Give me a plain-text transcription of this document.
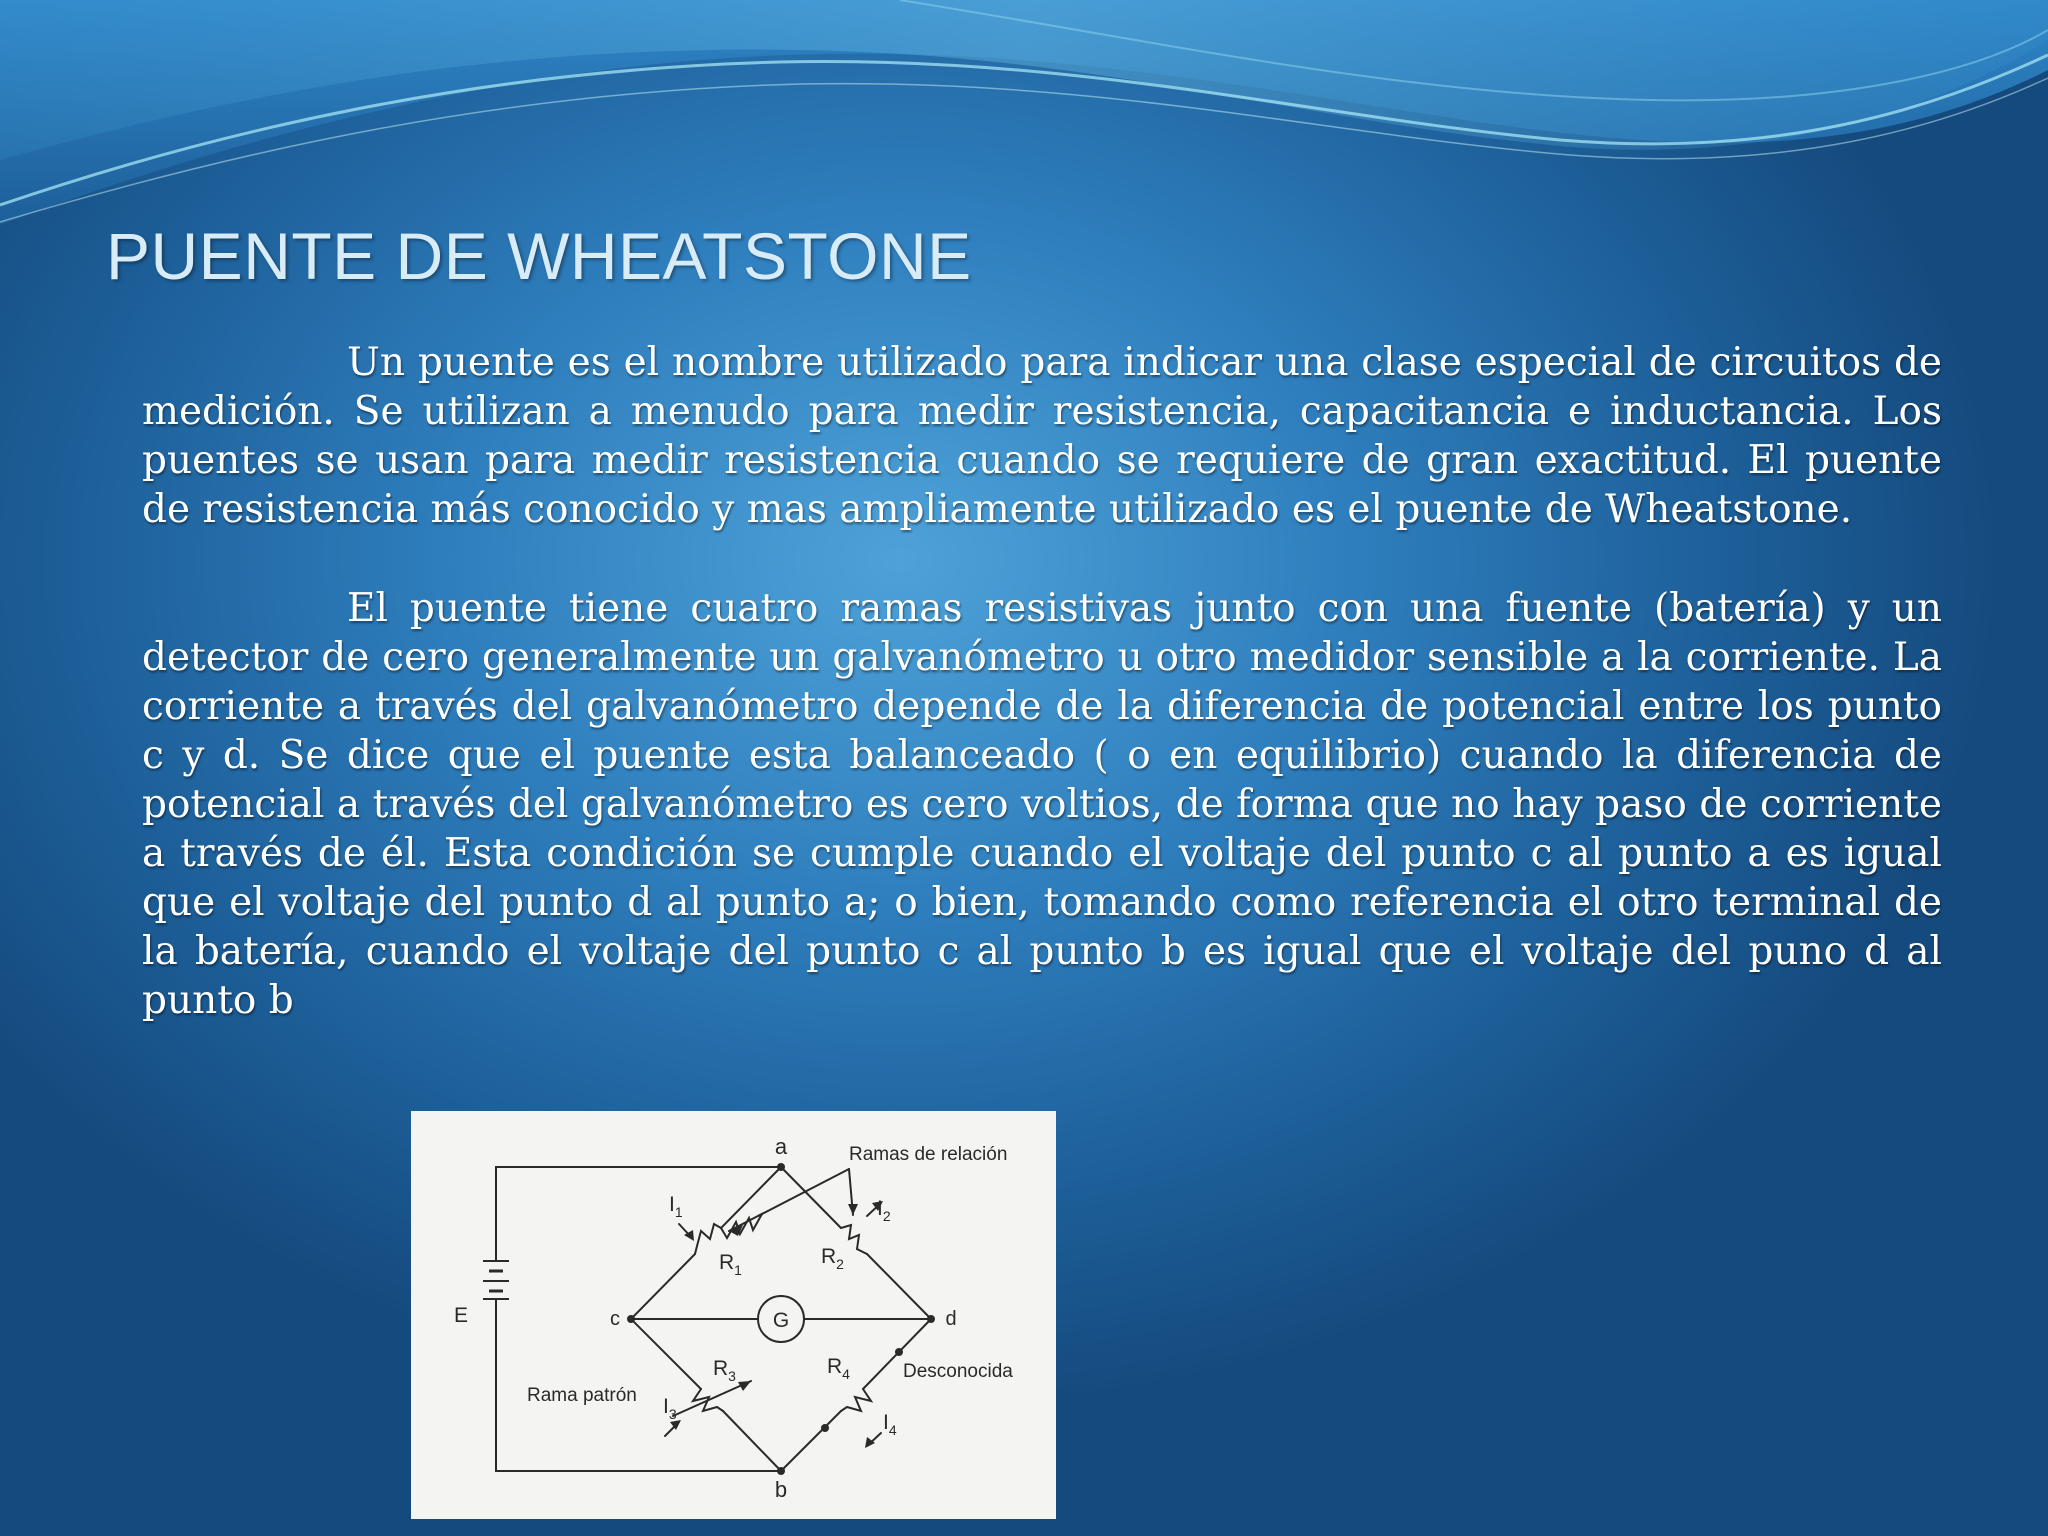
PUENTE DE WHEATSTONE

Un puente es el nombre utilizado para indicar una clase especial de circuitos de medición. Se utilizan a menudo para medir resistencia, capacitancia e inductancia. Los puentes se usan para medir resistencia cuando se requiere de gran exactitud. El puente de resistencia más conocido y mas ampliamente utilizado es el puente de Wheatstone.

El puente tiene cuatro ramas resistivas junto con una fuente (batería) y un detector de cero generalmente un galvanómetro u otro medidor sensible a la corriente. La corriente a través del galvanómetro depende de la diferencia de potencial entre los punto c y d. Se dice que el puente esta balanceado ( o en equilibrio) cuando la diferencia de potencial a través del galvanómetro es cero voltios, de forma que no hay paso de corriente a través de él. Esta condición se cumple cuando el voltaje del punto c al punto a es igual que el voltaje del punto d al punto a; o bien, tomando como referencia el otro terminal de la batería, cuando el voltaje del punto c al punto b es igual que el voltaje del puno d al punto b

G
a
b
c	d
E
Ramas de relación
Rama patrón
Desconocida
$R_1$
$R_2$
$R_3$	$R_4$
$I_1$	$I_2$
$I_3$	$I_4$
